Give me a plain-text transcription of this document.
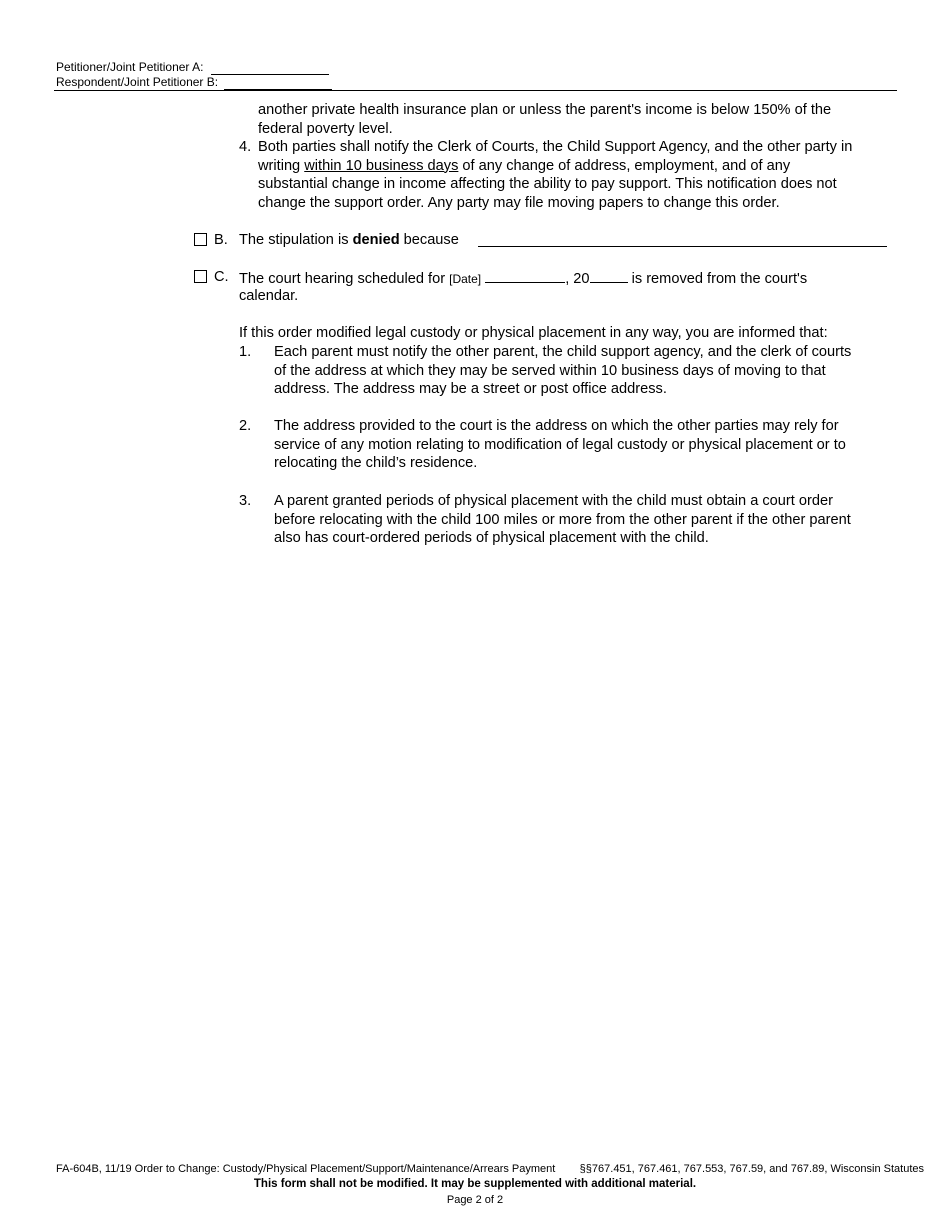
Petitioner/Joint Petitioner A:
Respondent/Joint Petitioner B:
another private health insurance plan or unless the parent's income is below 150% of the
federal poverty level.
4. Both parties shall notify the Clerk of Courts, the Child Support Agency, and the other party in
writing within 10 business days of any change of address, employment, and of any
substantial change in income affecting the ability to pay support. This notification does not
change the support order. Any party may file moving papers to change this order.
B. The stipulation is denied because
C. The court hearing scheduled for [Date]	, 20	is removed from the court's
calendar.
If this order modified legal custody or physical placement in any way, you are informed that:
1. Each parent must notify the other parent, the child support agency, and the clerk of courts
of the address at which they may be served within 10 business days of moving to that
address. The address may be a street or post office address.
2. The address provided to the court is the address on which the other parties may rely for
service of any motion relating to modification of legal custody or physical placement or to
relocating the child’s residence.
3. A parent granted periods of physical placement with the child must obtain a court order
before relocating with the child 100 miles or more from the other parent if the other parent
also has court-ordered periods of physical placement with the child.
FA-604B, 11/19 Order to Change: Custody/Physical Placement/Support/Maintenance/Arrears Payment §§767.451, 767.461, 767.553, 767.59, and 767.89, Wisconsin Statutes
This form shall not be modified. It may be supplemented with additional material.
Page 2 of 2
